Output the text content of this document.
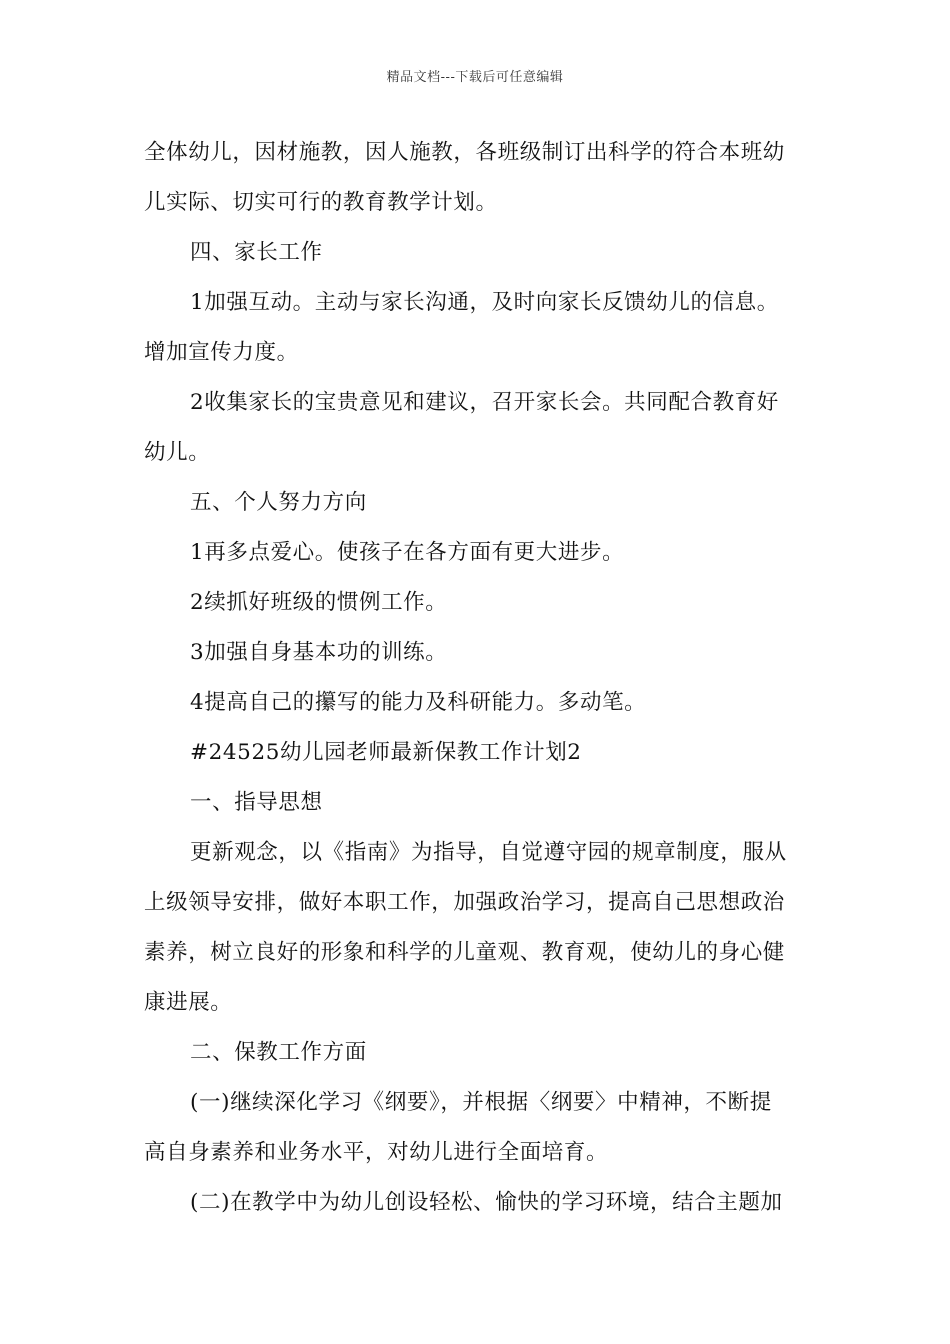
精品文档---下载后可任意编辑
全体幼儿，因材施教，因人施教，各班级制订出科学的符合本班幼
儿实际、切实可行的教育教学计划。
四、家长工作
1加强互动。主动与家长沟通，及时向家长反馈幼儿的信息。
增加宣传力度。
2收集家长的宝贵意见和建议，召开家长会。共同配合教育好
幼儿。
五、个人努力方向
1再多点爱心。使孩子在各方面有更大进步。
2续抓好班级的惯例工作。
3加强自身基本功的训练。
4提高自己的攥写的能力及科研能力。多动笔。
#24525幼儿园老师最新保教工作计划2
一、指导思想
更新观念，以《指南》为指导，自觉遵守园的规章制度，服从
上级领导安排，做好本职工作，加强政治学习，提高自己思想政治
素养，树立良好的形象和科学的儿童观、教育观，使幼儿的身心健
康进展。
二、保教工作方面
(一)继续深化学习《纲要》，并根据〈纲要〉中精神，不断提
高自身素养和业务水平，对幼儿进行全面培育。
(二)在教学中为幼儿创设轻松、愉快的学习环境，结合主题加
